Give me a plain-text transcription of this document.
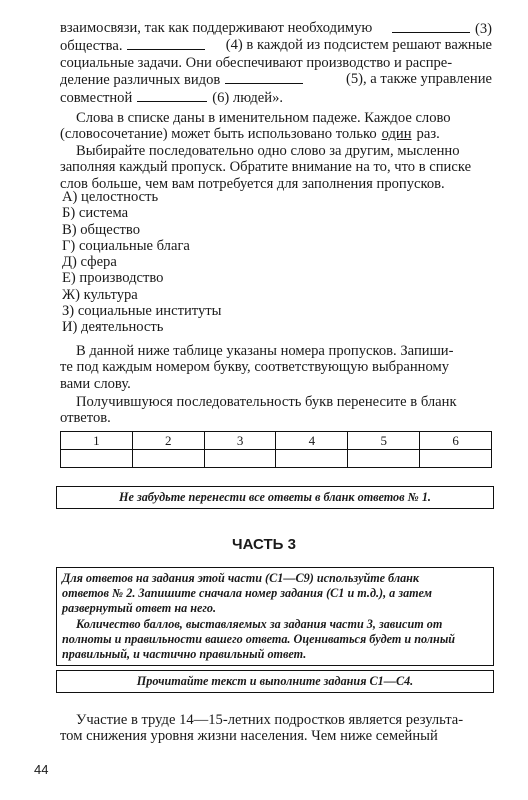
взаимосвязи, так как поддерживают необходимую	(3)
общества.	(4) в каждой из подсистем решают важные
социальные задачи. Они обеспечивают производство и распре-
деление различных видов	(5), а также управление
совместной	(6) людей».
Слова в списке даны в именительном падеже. Каждое слово
(словосочетание) может быть использовано только один раз.
Выбирайте последовательно одно слово за другим, мысленно
заполняя каждый пропуск. Обратите внимание на то, что в списке
слов больше, чем вам потребуется для заполнения пропусков.
А) целостность
Б) система
В) общество
Г) социальные блага
Д) сфера
Е) производство
Ж) культура
З) социальные институты
И) деятельность
В данной ниже таблице указаны номера пропусков. Запиши-
те под каждым номером букву, соответствующую выбранному
вами слову.
Получившуюся последовательность букв перенесите в бланк
ответов.
1	2	3	4	5	6

Не забудьте перенести все ответы в бланк ответов № 1.
ЧАСТЬ 3
Для ответов на задания этой части (С1—С9) используйте бланк
ответов № 2. Запишите сначала номер задания (С1 и т.д.), а затем
развернутый ответ на него.
Количество баллов, выставляемых за задания части 3, зависит от
полноты и правильности вашего ответа. Оцениваться будет и полный
правильный, и частично правильный ответ.
Прочитайте текст и выполните задания С1—С4.
Участие в труде 14—15-летних подростков является результа-
том снижения уровня жизни населения. Чем ниже семейный
44
